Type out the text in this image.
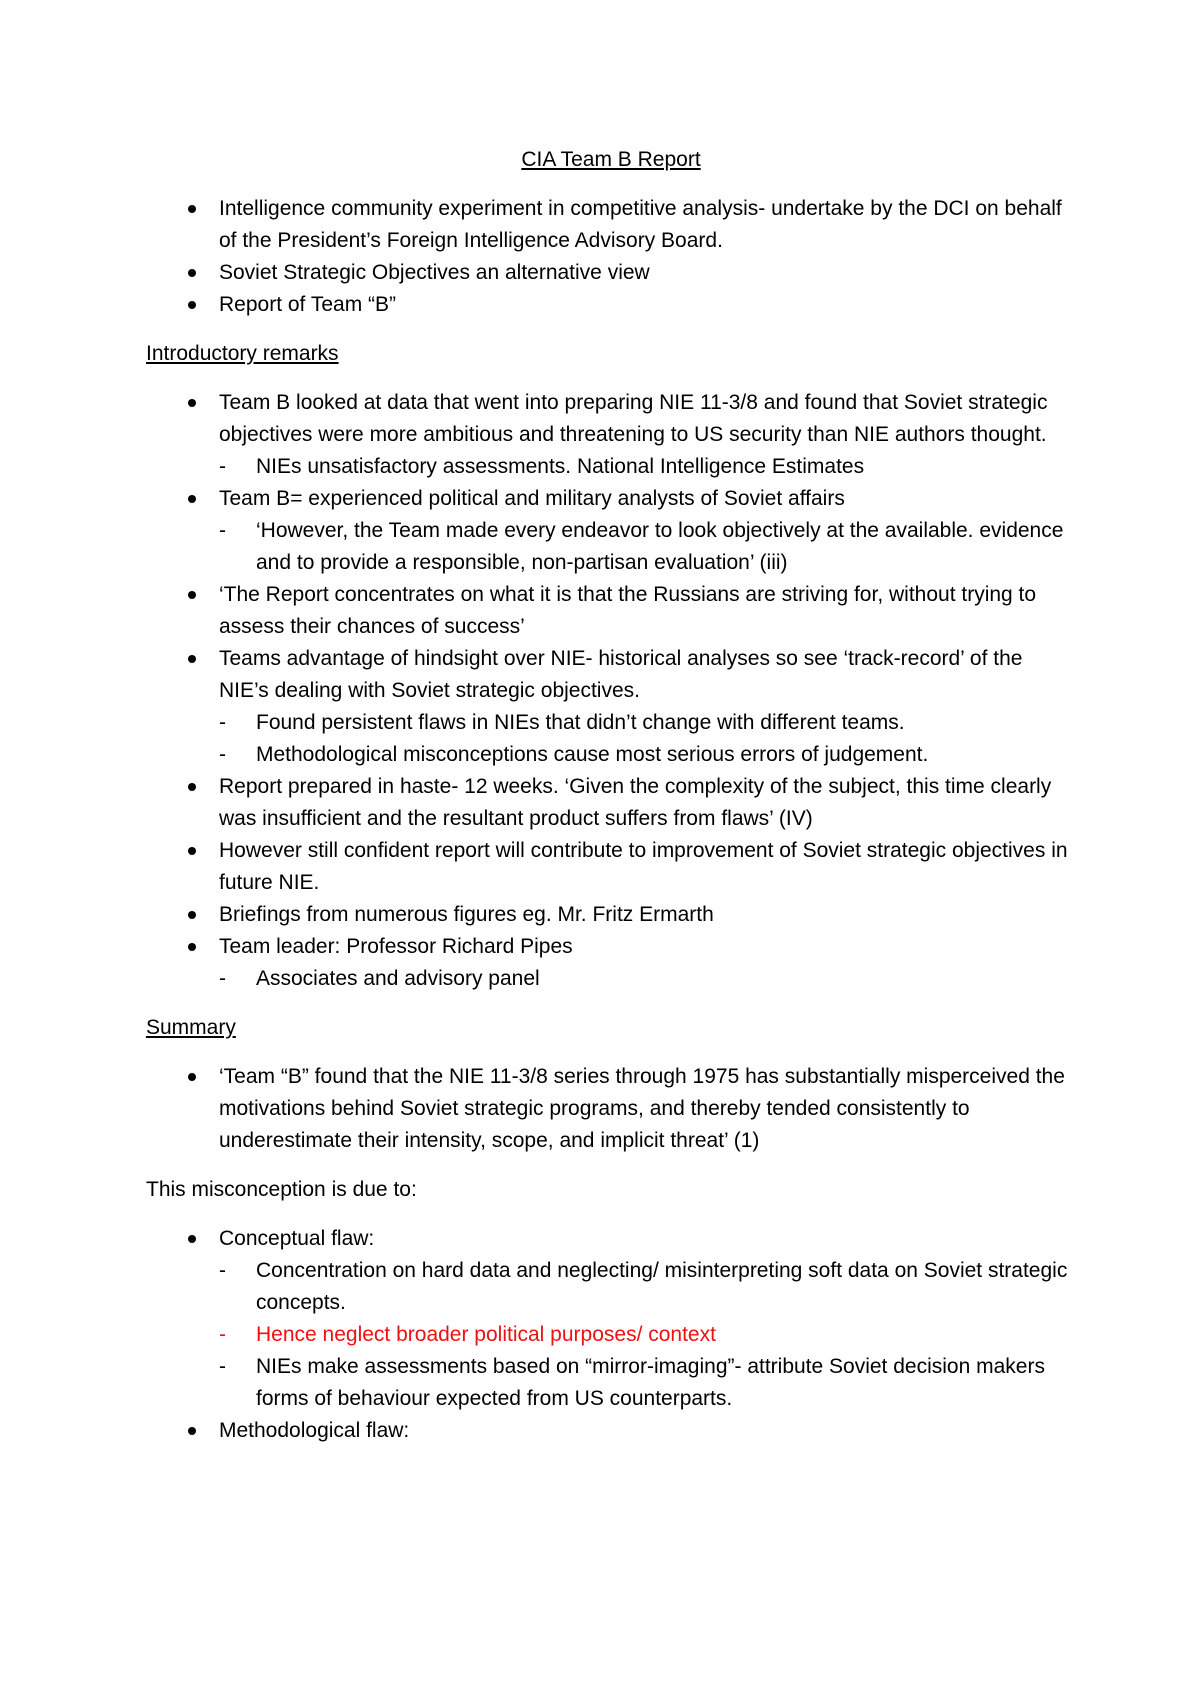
CIA Team B Report
Intelligence community experiment in competitive analysis- undertake by the DCI on behalf of the President’s Foreign Intelligence Advisory Board.
Soviet Strategic Objectives an alternative view
Report of Team “B”
Introductory remarks
Team B looked at data that went into preparing NIE 11-3/8 and found that Soviet strategic objectives were more ambitious and threatening to US security than NIE authors thought.
- NIEs unsatisfactory assessments. National Intelligence Estimates
Team B= experienced political and military analysts of Soviet affairs
- ‘However, the Team made every endeavor to look objectively at the available. evidence and to provide a responsible, non-partisan evaluation’ (iii)
‘The Report concentrates on what it is that the Russians are striving for, without trying to assess their chances of success’
Teams advantage of hindsight over NIE- historical analyses so see ‘track-record’ of the NIE’s dealing with Soviet strategic objectives.
- Found persistent flaws in NIEs that didn’t change with different teams.
- Methodological misconceptions cause most serious errors of judgement.
Report prepared in haste- 12 weeks. ‘Given the complexity of the subject, this time clearly was insufficient and the resultant product suffers from flaws’ (IV)
However still confident report will contribute to improvement of Soviet strategic objectives in future NIE.
Briefings from numerous figures eg. Mr. Fritz Ermarth
Team leader: Professor Richard Pipes
- Associates and advisory panel
Summary
‘Team “B” found that the NIE 11-3/8 series through 1975 has substantially misperceived the motivations behind Soviet strategic programs, and thereby tended consistently to underestimate their intensity, scope, and implicit threat’ (1)
This misconception is due to:
Conceptual flaw:
- Concentration on hard data and neglecting/ misinterpreting soft data on Soviet strategic concepts.
- Hence neglect broader political purposes/ context
- NIEs make assessments based on “mirror-imaging”- attribute Soviet decision makers forms of behaviour expected from US counterparts.
Methodological flaw:
